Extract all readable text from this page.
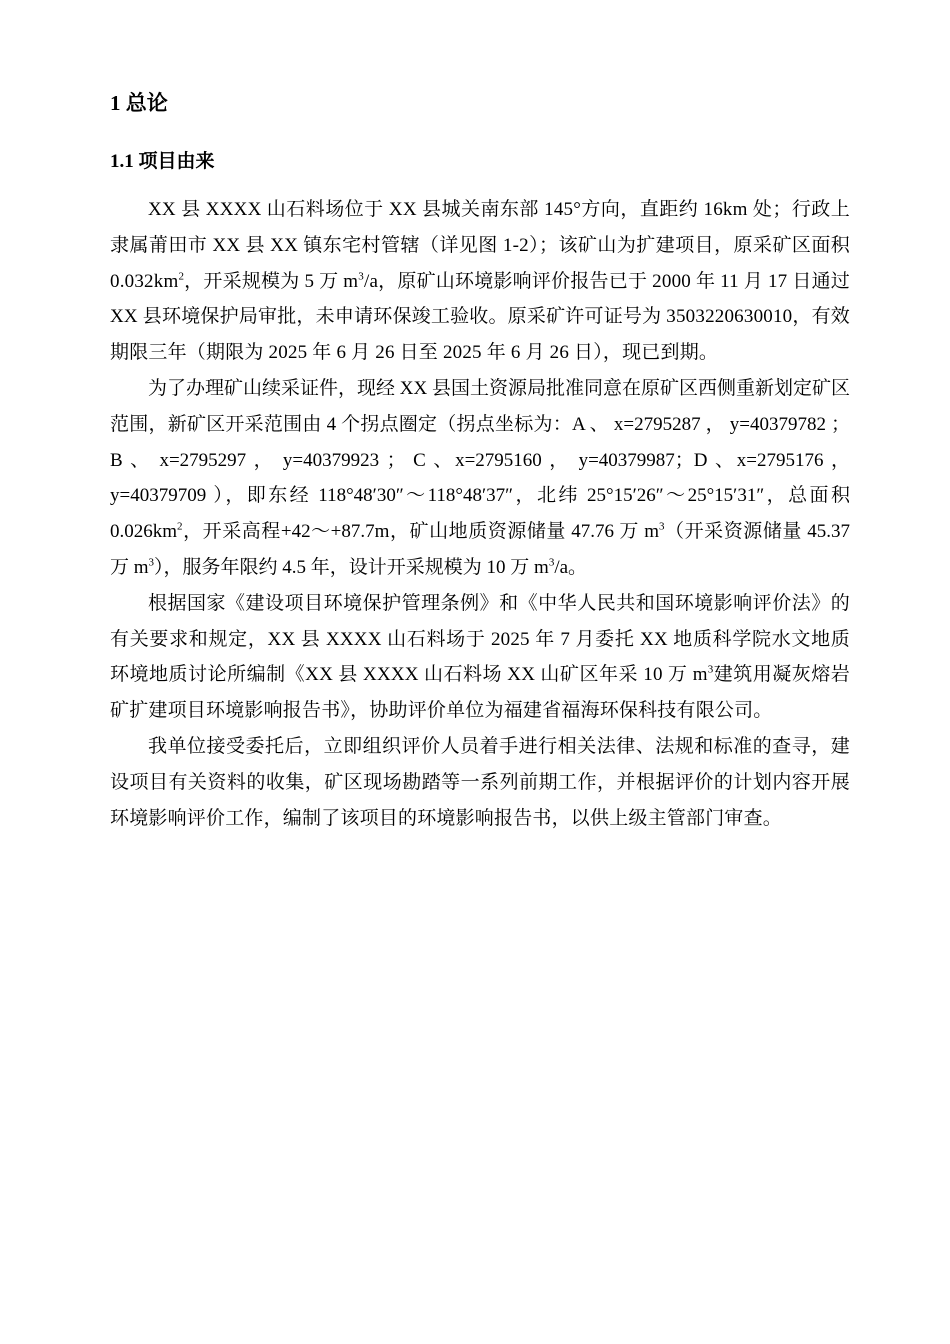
1 总论
1.1 项目由来

XX 县 XXXX 山石料场位于 XX 县城关南东部 145°方向，直距约 16km 处；行政上隶属莆田市 XX 县 XX 镇东宅村管辖（详见图 1-2）；该矿山为扩建项目，原采矿区面积 $0.032km^2$，开采规模为 5 万 $m^3/a$，原矿山环境影响评价报告已于 2000 年 11 月 17 日通过 XX 县环境保护局审批，未申请环保竣工验收。原采矿许可证号为 3503220630010，有效期限三年（期限为 2025 年 6 月 26 日至 2025 年 6 月 26 日），现已到期。

为了办理矿山续采证件，现经 XX 县国土资源局批准同意在原矿区西侧重新划定矿区范围，新矿区开采范围由 4 个拐点圈定（拐点坐标为：A 、 x=2795287 ， y=40379782 ； B 、 x=2795297 ， y=40379923 ； C 、x=2795160 ， y=40379987；D 、x=2795176 ， y=40379709 ），即东经 118°48′30″～118°48′37″，北纬 25°15′26″～25°15′31″，总面积 $0.026km^2$，开采高程+42～+87.7m，矿山地质资源储量 47.76 万 $m^3$（开采资源储量 45.37 万 $m^3$），服务年限约 4.5 年，设计开采规模为 10 万 $m^3/a$。

根据国家《建设项目环境保护管理条例》和《中华人民共和国环境影响评价法》的有关要求和规定，XX 县 XXXX 山石料场于 2025 年 7 月委托 XX 地质科学院水文地质环境地质讨论所编制《XX 县 XXXX 山石料场 XX 山矿区年采 10 万 $m^3$建筑用凝灰熔岩矿扩建项目环境影响报告书》，协助评价单位为福建省福海环保科技有限公司。

我单位接受委托后，立即组织评价人员着手进行相关法律、法规和标准的查寻，建设项目有关资料的收集，矿区现场勘踏等一系列前期工作，并根据评价的计划内容开展环境影响评价工作，编制了该项目的环境影响报告书，以供上级主管部门审查。
